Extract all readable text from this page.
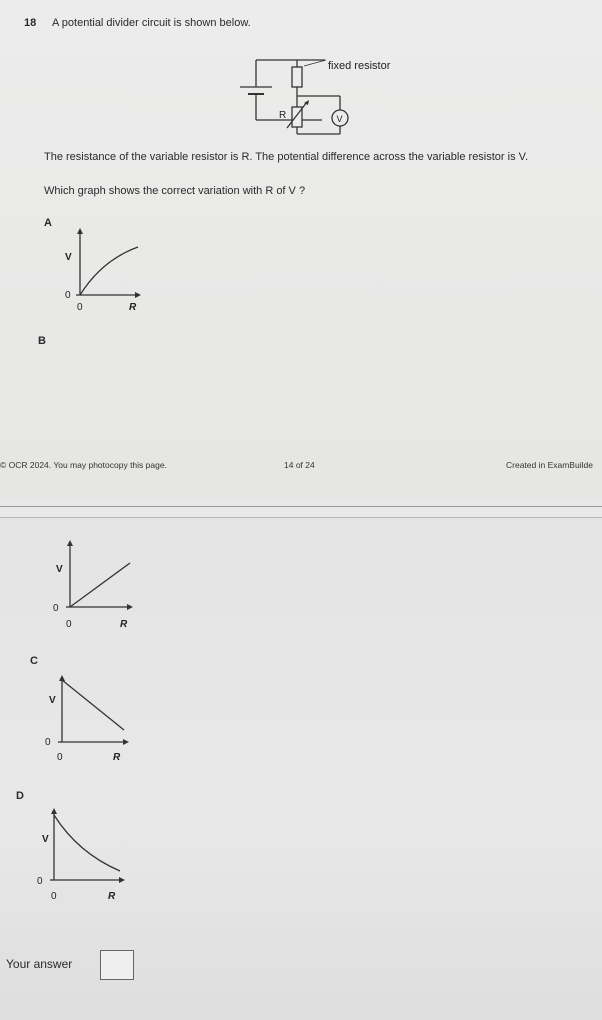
18 A potential divider circuit is shown below.
fixed resistor
R	V
The resistance of the variable resistor is R. The potential difference across the variable resistor is V.
Which graph shows the correct variation with R of V ?
A
V
0
0	R
B
© OCR 2024. You may photocopy this page.	14 of 24	Created in ExamBuilde
V
0
0	R
C
V
0
0	R
D
V
0
0	R
Your answer
